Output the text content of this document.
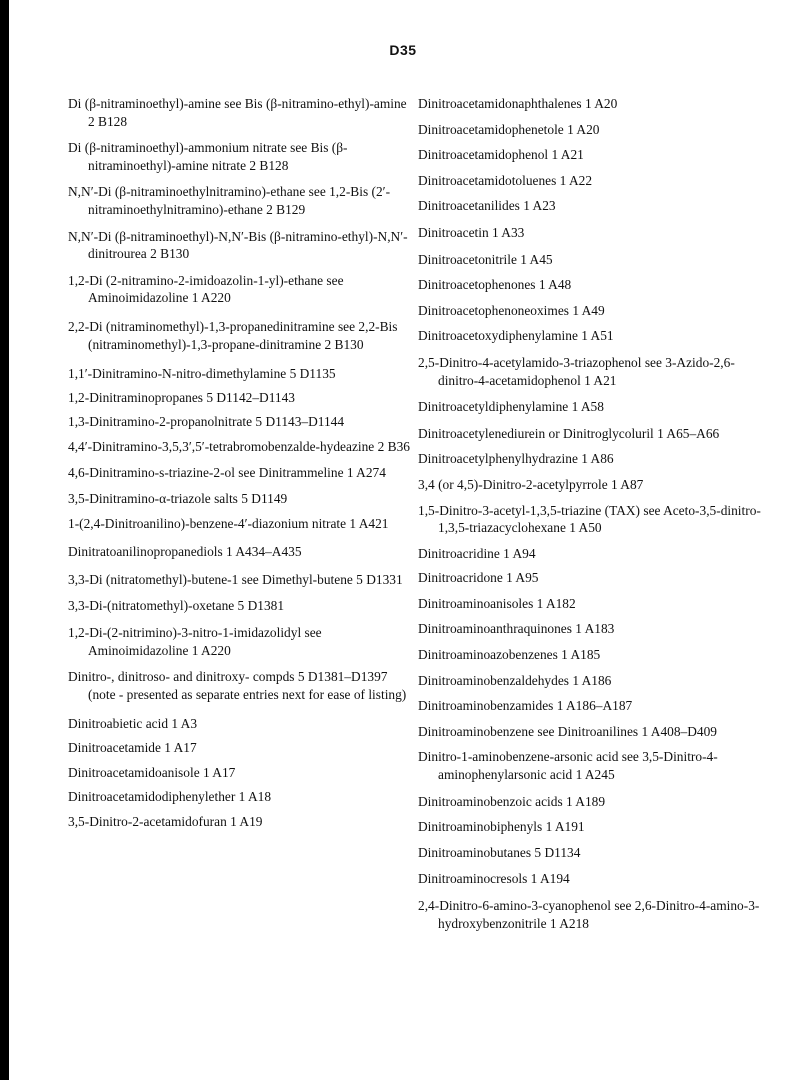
D35

Di (β-nitraminoethyl)-amine see Bis (β-nitramino-ethyl)-amine 2 B128

Di (β-nitraminoethyl)-ammonium nitrate see Bis (β-nitraminoethyl)-amine nitrate 2 B128

N,N′-Di (β-nitraminoethylnitramino)-ethane see 1,2-Bis (2′-nitraminoethylnitramino)-ethane 2 B129

N,N′-Di (β-nitraminoethyl)-N,N′-Bis (β-nitramino-ethyl)-N,N′-dinitrourea 2 B130

1,2-Di (2-nitramino-2-imidoazolin-1-yl)-ethane see Aminoimidazoline 1 A220

2,2-Di (nitraminomethyl)-1,3-propanedinitramine see 2,2-Bis (nitraminomethyl)-1,3-propane-dinitramine 2 B130

1,1′-Dinitramino-N-nitro-dimethylamine 5 D1135

1,2-Dinitraminopropanes 5 D1142–D1143

1,3-Dinitramino-2-propanolnitrate 5 D1143–D1144

4,4′-Dinitramino-3,5,3′,5′-tetrabromobenzalde-hydeazine 2 B36

4,6-Dinitramino-s-triazine-2-ol see Dinitrammeline 1 A274

3,5-Dinitramino-α-triazole salts 5 D1149

1-(2,4-Dinitroanilino)-benzene-4′-diazonium nitrate 1 A421

Dinitratoanilinopropanediols 1 A434–A435

3,3-Di (nitratomethyl)-butene-1 see Dimethyl-butene 5 D1331

3,3-Di-(nitratomethyl)-oxetane 5 D1381

1,2-Di-(2-nitrimino)-3-nitro-1-imidazolidyl see Aminoimidazoline 1 A220

Dinitro-, dinitroso- and dinitroxy- compds 5 D1381–D1397 (note - presented as separate entries next for ease of listing)

Dinitroabietic acid 1 A3

Dinitroacetamide 1 A17

Dinitroacetamidoanisole 1 A17

Dinitroacetamidodiphenylether 1 A18

3,5-Dinitro-2-acetamidofuran 1 A19

Dinitroacetamidonaphthalenes 1 A20

Dinitroacetamidophenetole 1 A20

Dinitroacetamidophenol 1 A21

Dinitroacetamidotoluenes 1 A22

Dinitroacetanilides 1 A23

Dinitroacetin 1 A33

Dinitroacetonitrile 1 A45

Dinitroacetophenones 1 A48

Dinitroacetophenoneoximes 1 A49

Dinitroacetoxydiphenylamine 1 A51

2,5-Dinitro-4-acetylamido-3-triazophenol see 3-Azido-2,6-dinitro-4-acetamidophenol 1 A21

Dinitroacetyldiphenylamine 1 A58

Dinitroacetylenediurein or Dinitroglycoluril 1 A65–A66

Dinitroacetylphenylhydrazine 1 A86

3,4 (or 4,5)-Dinitro-2-acetylpyrrole 1 A87

1,5-Dinitro-3-acetyl-1,3,5-triazine (TAX) see Aceto-3,5-dinitro-1,3,5-triazacyclohexane 1 A50

Dinitroacridine 1 A94

Dinitroacridone 1 A95

Dinitroaminoanisoles 1 A182

Dinitroaminoanthraquinones 1 A183

Dinitroaminoazobenzenes 1 A185

Dinitroaminobenzaldehydes 1 A186

Dinitroaminobenzamides 1 A186–A187

Dinitroaminobenzene see Dinitroanilines 1 A408–D409

Dinitro-1-aminobenzene-arsonic acid see 3,5-Dinitro-4-aminophenylarsonic acid 1 A245

Dinitroaminobenzoic acids 1 A189

Dinitroaminobiphenyls 1 A191

Dinitroaminobutanes 5 D1134

Dinitroaminocresols 1 A194

2,4-Dinitro-6-amino-3-cyanophenol see 2,6-Dinitro-4-amino-3-hydroxybenzonitrile 1 A218
